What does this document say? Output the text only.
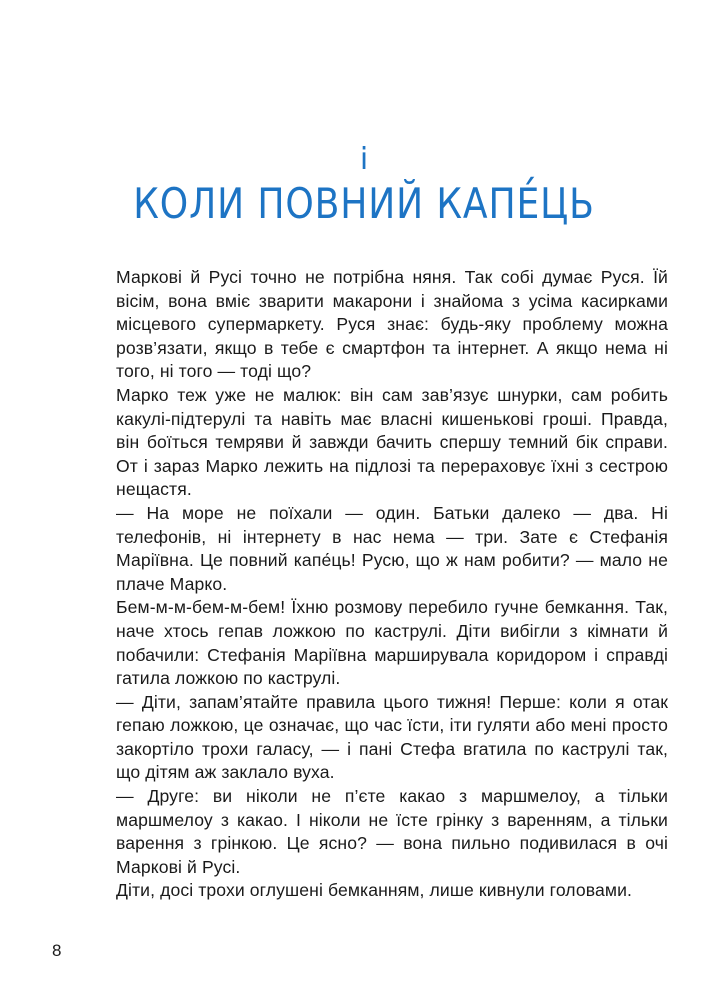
і
КОЛИ ПОВНИЙ КАПЕ́ЦЬ

Маркові й Русі точно не потрібна няня. Так собі думає Руся. Їй вісім, вона вміє зварити макарони і знайома з усіма касирками місцевого супермаркету. Руся знає: будь-яку проблему можна розв’язати, якщо в тебе є смартфон та інтернет. А якщо нема ні того, ні того — тоді що?

Марко теж уже не малюк: він сам зав’язує шнурки, сам робить какулі-підтерулі та навіть має власні кишенькові гроші. Правда, він боїться темряви й завжди бачить спершу темний бік справи. От і зараз Марко лежить на підлозі та перераховує їхні з сестрою нещастя.

— На море не поїхали — один. Батьки далеко — два. Ні телефонів, ні інтернету в нас нема — три. Зате є Стефанія Маріївна. Це повний капе́ць! Русю, що ж нам робити? — мало не плаче Марко.

Бем-м-м-бем-м-бем! Їхню розмову перебило гучне бемкання. Так, наче хтось гепав ложкою по каструлі. Діти вибігли з кімнати й побачили: Стефанія Маріївна марширувала коридором і справді гатила ложкою по каструлі.

— Діти, запам’ятайте правила цього тижня! Перше: коли я отак гепаю ложкою, це означає, що час їсти, іти гуляти або мені просто закортіло трохи галасу, — і пані Стефа вгатила по каструлі так, що дітям аж заклало вуха.

— Друге: ви ніколи не п’єте какао з маршмелоу, а тільки маршмелоу з какао. І ніколи не їсте грінку з варенням, а тільки варення з грінкою. Це ясно? — вона пильно подивилася в очі Маркові й Русі.

Діти, досі трохи оглушені бемканням, лише кивнули головами.

8
